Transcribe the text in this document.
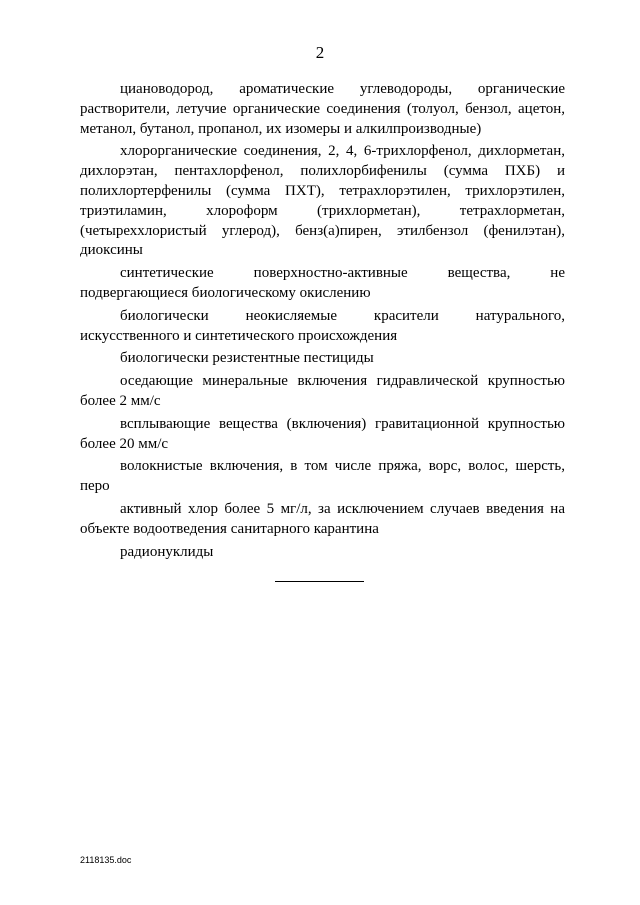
2

циановодород, ароматические углеводороды, органические растворители, летучие органические соединения (толуол, бензол, ацетон, метанол, бутанол, пропанол, их изомеры и алкилпроизводные)

хлорорганические соединения, 2, 4, 6-трихлорфенол, дихлорметан, дихлорэтан, пентахлорфенол, полихлорбифенилы (сумма ПХБ) и полихлортерфенилы (сумма ПХТ), тетрахлорэтилен, трихлорэтилен, триэтиламин, хлороформ (трихлорметан), тетрахлорметан, (четыреххлористый углерод), бенз(а)пирен, этилбензол (фенилэтан), диоксины

синтетические поверхностно-активные вещества, не подвергающиеся биологическому окислению

биологически неокисляемые красители натурального, искусственного и синтетического происхождения

биологически резистентные пестициды

оседающие минеральные включения гидравлической крупностью более 2 мм/с

всплывающие вещества (включения) гравитационной крупностью более 20 мм/с

волокнистые включения, в том числе пряжа, ворс, волос, шерсть, перо

активный хлор более 5 мг/л, за исключением случаев введения на объекте водоотведения санитарного карантина

радионуклиды

2118135.doc
